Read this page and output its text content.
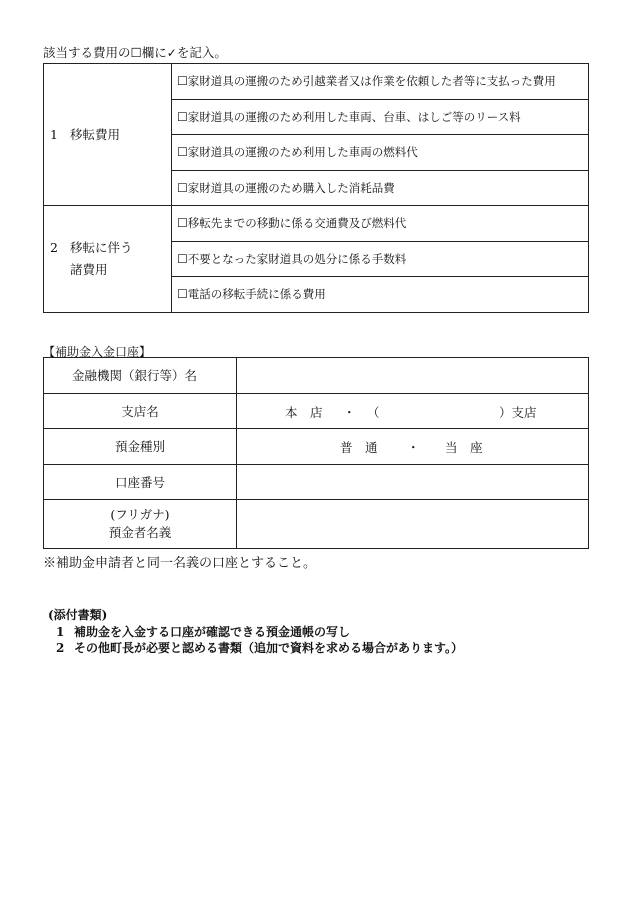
該当する費用の☐欄に✓を記入。
1 移転費用	☐家財道具の運搬のため引越業者又は作業を依頼した者等に支払った費用
	☐家財道具の運搬のため利用した車両、台車、はしご等のリース料
	☐家財道具の運搬のため利用した車両の燃料代
	☐家財道具の運搬のため購入した消耗品費

2 移転に伴う
諸費用	☐移転先までの移動に係る交通費及び燃料代
	☐不要となった家財道具の処分に係る手数料
	☐電話の移転手続に係る費用
【補助金入金口座】
金融機関（銀行等）名	
支店名	本　店 ・ （ ）支店

預金種別	普　通 ・ 当　座

口座番号	

(フリガナ)
預金者名義	

※補助金申請者と同一名義の口座とすること。
(添付書類)
1 補助金を入金する口座が確認できる預金通帳の写し
2 その他町長が必要と認める書類（追加で資料を求める場合があります。）
